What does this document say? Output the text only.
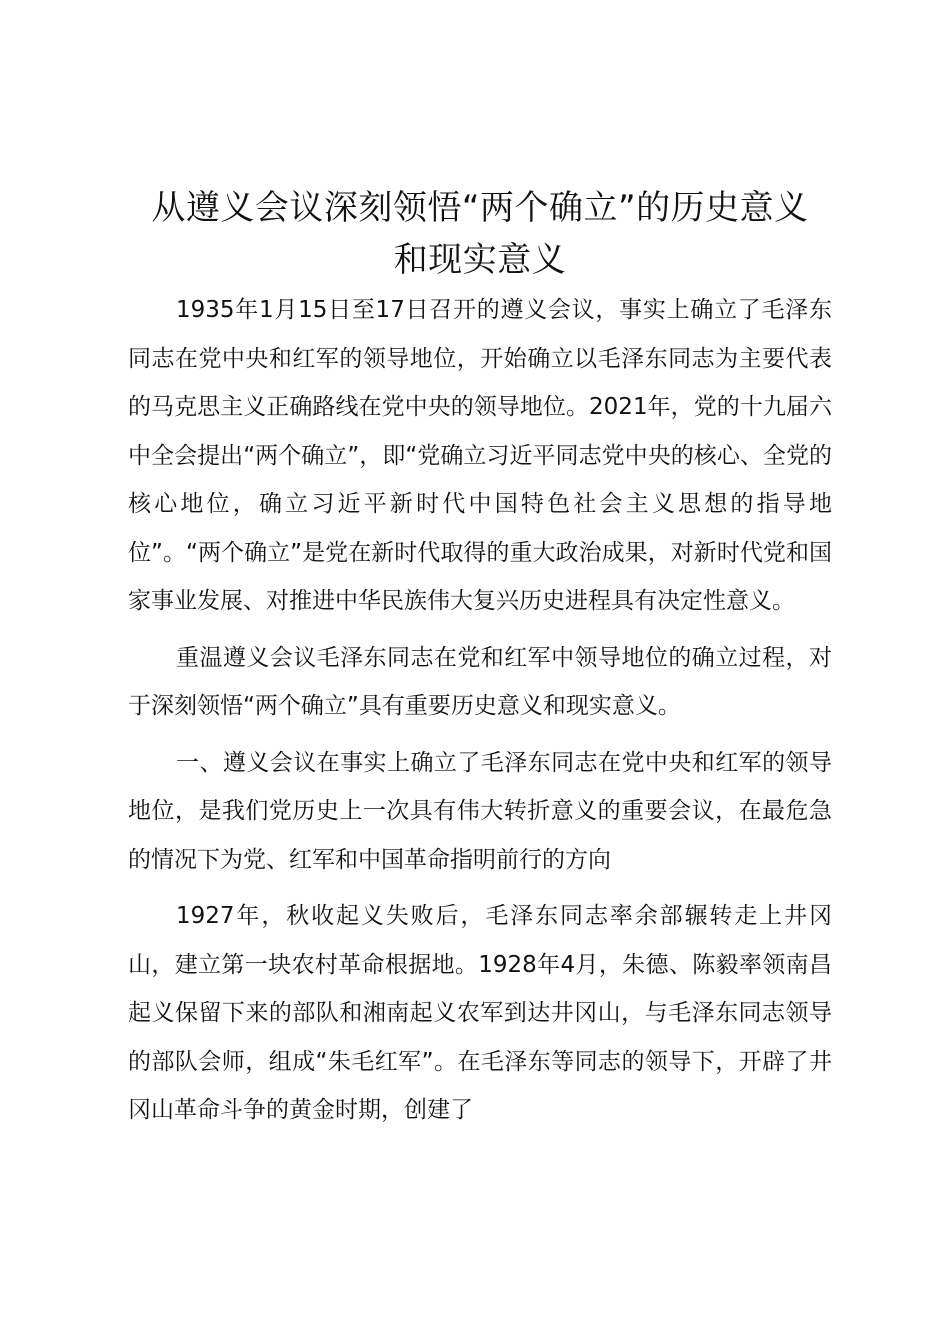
从遵义会议深刻领悟“两个确立”的历史意义
和现实意义

1935年1月15日至17日召开的遵义会议，事实上确立了毛泽东同志在党中央和红军的领导地位，开始确立以毛泽东同志为主要代表的马克思主义正确路线在党中央的领导地位。2021年，党的十九届六中全会提出“两个确立”，即“党确立习近平同志党中央的核心、全党的核心地位，确立习近平新时代中国特色社会主义思想的指导地位”。“两个确立”是党在新时代取得的重大政治成果，对新时代党和国家事业发展、对推进中华民族伟大复兴历史进程具有决定性意义。

重温遵义会议毛泽东同志在党和红军中领导地位的确立过程，对于深刻领悟“两个确立”具有重要历史意义和现实意义。

一、遵义会议在事实上确立了毛泽东同志在党中央和红军的领导地位，是我们党历史上一次具有伟大转折意义的重要会议，在最危急的情况下为党、红军和中国革命指明前行的方向

1927年，秋收起义失败后，毛泽东同志率余部辗转走上井冈山，建立第一块农村革命根据地。1928年4月，朱德、陈毅率领南昌起义保留下来的部队和湘南起义农军到达井冈山，与毛泽东同志领导的部队会师，组成“朱毛红军”。在毛泽东等同志的领导下，开辟了井冈山革命斗争的黄金时期，创建了
